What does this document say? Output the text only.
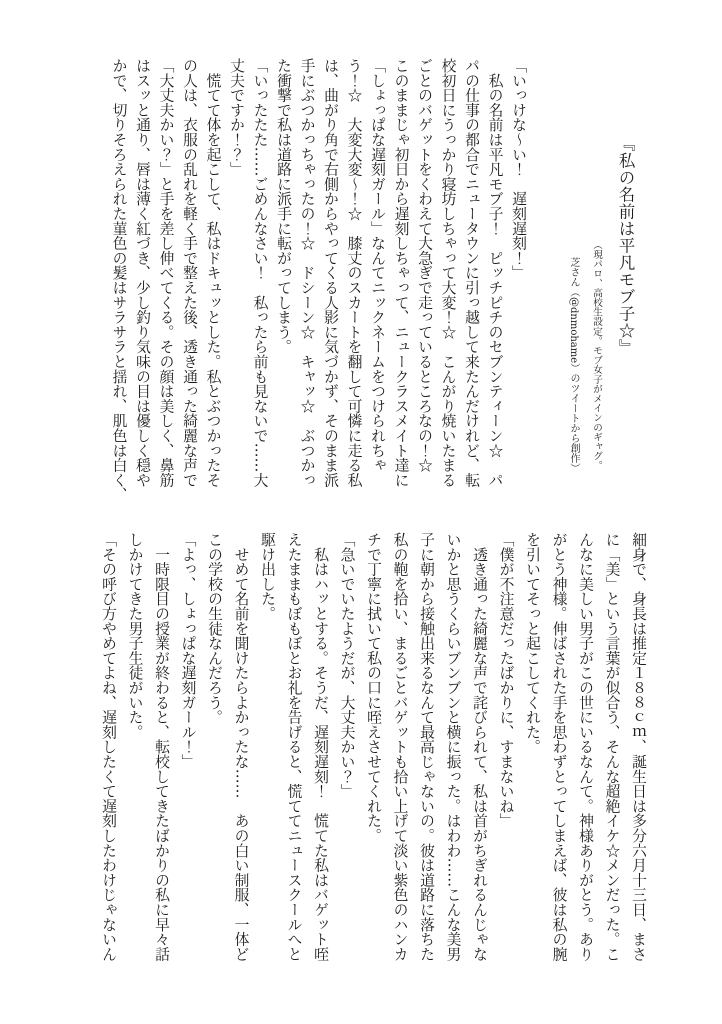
『私の名前は平凡モブ子☆』
（現パロ、高校生設定。モブ女子がメインのギャグ。
芝さん（@dnmohame）のツイートから創作）
「いっけな〜い！　遅刻遅刻！」
　私の名前は平凡モブ子！　ピッチピチのセブンティーン☆　パ
パの仕事の都合でニュータウンに引っ越して来たんだけれど、転
校初日にうっかり寝坊しちゃって大変！☆　こんがり焼いたまる
ごとのバゲットをくわえて大急ぎで走っているところなの！☆
このままじゃ初日から遅刻しちゃって、ニュークラスメイト達に
「しょっぱな遅刻ガール」なんてニックネームをつけられちゃ
う！☆　大変大変〜！☆　膝丈のスカートを翻して可憐に走る私
は、曲がり角で右側からやってくる人影に気づかず、そのまま派
手にぶつかっちゃったの！☆　ドシーン☆　キャッ☆　ぶつかっ
た衝撃で私は道路に派手に転がってしまう。
「いったたた……ごめんなさい！　私ったら前も見ないで……大
丈夫ですか！？」
　慌てて体を起こして、私はドキュッとした。私とぶつかったそ
の人は、衣服の乱れを軽く手で整えた後、透き通った綺麗な声で
「大丈夫かい？」と手を差し伸べてくる。その顔は美しく、鼻筋
はスッと通り、唇は薄く紅づき、少し釣り気味の目は優しく穏や
かで、切りそろえられた菫色の髪はサラサラと揺れ、肌色は白く、
細身で、身長は推定１８８ｃｍ、誕生日は多分六月十三日、まさ
に「美」という言葉が似合う、そんな超絶イケ☆メンだった。こ
んなに美しい男子がこの世にいるなんて。神様ありがとう。あり
がとう神様。伸ばされた手を思わずとってしまえば、彼は私の腕
を引いてそっと起こしてくれた。
「僕が不注意だったばかりに、すまないね」
　透き通った綺麗な声で詫びられて、私は首がちぎれるんじゃな
いかと思うくらいブンブンと横に振った。はわわ……こんな美男
子に朝から接触出来るなんて最高じゃないの。彼は道路に落ちた
私の鞄を拾い、まるごとバゲットも拾い上げて淡い紫色のハンカ
チで丁寧に拭いて私の口に咥えさせてくれた。
「急いでいたようだが、大丈夫かい？」
　私はハッとする。そうだ、遅刻遅刻！　慌てた私はバゲット咥
えたままもぼもぼとお礼を告げると、慌ててニュースクールへと
駆け出した。
　せめて名前を聞けたらよかったな……　あの白い制服、一体ど
この学校の生徒なんだろう。
「よっ、しょっぱな遅刻ガール！」
　一時限目の授業が終わると、転校してきたばかりの私に早々話
しかけてきた男子生徒がいた。
「その呼び方やめてよね、遅刻したくて遅刻したわけじゃないん
